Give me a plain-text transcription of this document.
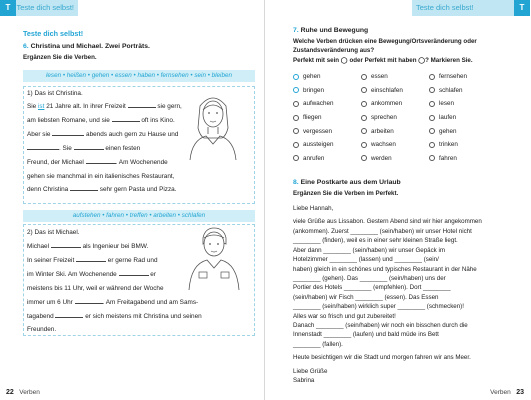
T Teste dich selbst!
Teste dich selbst!
6. Christina und Michael. Zwei Porträts.
Ergänzen Sie die Verben.
lesen • heißen • gehen • essen • haben • fernsehen • sein • bleiben
1) Das ist Christina.
Sie ist 21 Jahre alt. In ihrer Freizeit	sie gern,
am liebsten Romane, und sie	oft ins Kino.
Aber sie	abends auch gern zu Hause und
. Sie	einen festen
Freund, der Michael	. Am Wochenende
gehen sie manchmal in ein italienisches Restaurant,
denn Christina	sehr gern Pasta und Pizza.
aufstehen • fahren • treffen • arbeiten • schlafen
2) Das ist Michael.
Michael	als Ingenieur bei BMW.
In seiner Freizeit	er gerne Rad und
im Winter Ski. Am Wochenende	er
meistens bis 11 Uhr, weil er während der Woche
immer um 6 Uhr	. Am Freitagabend und am Sams-
tagabend	er sich meistens mit Christina und seinen
Freunden.
22 Verben
Teste dich selbst!	T
7. Ruhe und Bewegung
Welche Verben drücken eine Bewegung/Ortsveränderung oder
Zustandsveränderung aus?
Perfekt mit sein ◯ oder Perfekt mit haben ◯? Markieren Sie.
gehen	essen	fernsehen
bringen	einschlafen	schlafen
aufwachen	ankommen	lesen
fliegen	sprechen	laufen
vergessen	arbeiten	gehen
aussteigen	wachsen	trinken
anrufen	werden	fahren
8. Eine Postkarte aus dem Urlaub
Ergänzen Sie die Verben im Perfekt.
Liebe Hannah,
viele Grüße aus Lissabon. Gestern Abend sind wir hier angekommen
(ankommen). Zuerst ________ (sein/haben) wir unser Hotel nicht
________ (finden), weil es in einer sehr kleinen Straße liegt.
Aber dann ________ (sein/haben) wir unser Gepäck im
Hotelzimmer ________ (lassen) und ________ (sein/
haben) gleich in ein schönes und typisches Restaurant in der Nähe
________ (gehen). Das ________ (sein/haben) uns der
Portier des Hotels ________ (empfehlen). Dort ________
(sein/haben) wir Fisch ________ (essen). Das Essen
________ (sein/haben) wirklich super ________ (schmecken)!
Alles war so frisch und gut zubereitet!
Danach ________ (sein/haben) wir noch ein bisschen durch die
Innenstadt ________ (laufen) und bald müde ins Bett
________ (fallen).
Heute besichtigen wir die Stadt und morgen fahren wir ans Meer.
Liebe Grüße
Sabrina
Verben 23
